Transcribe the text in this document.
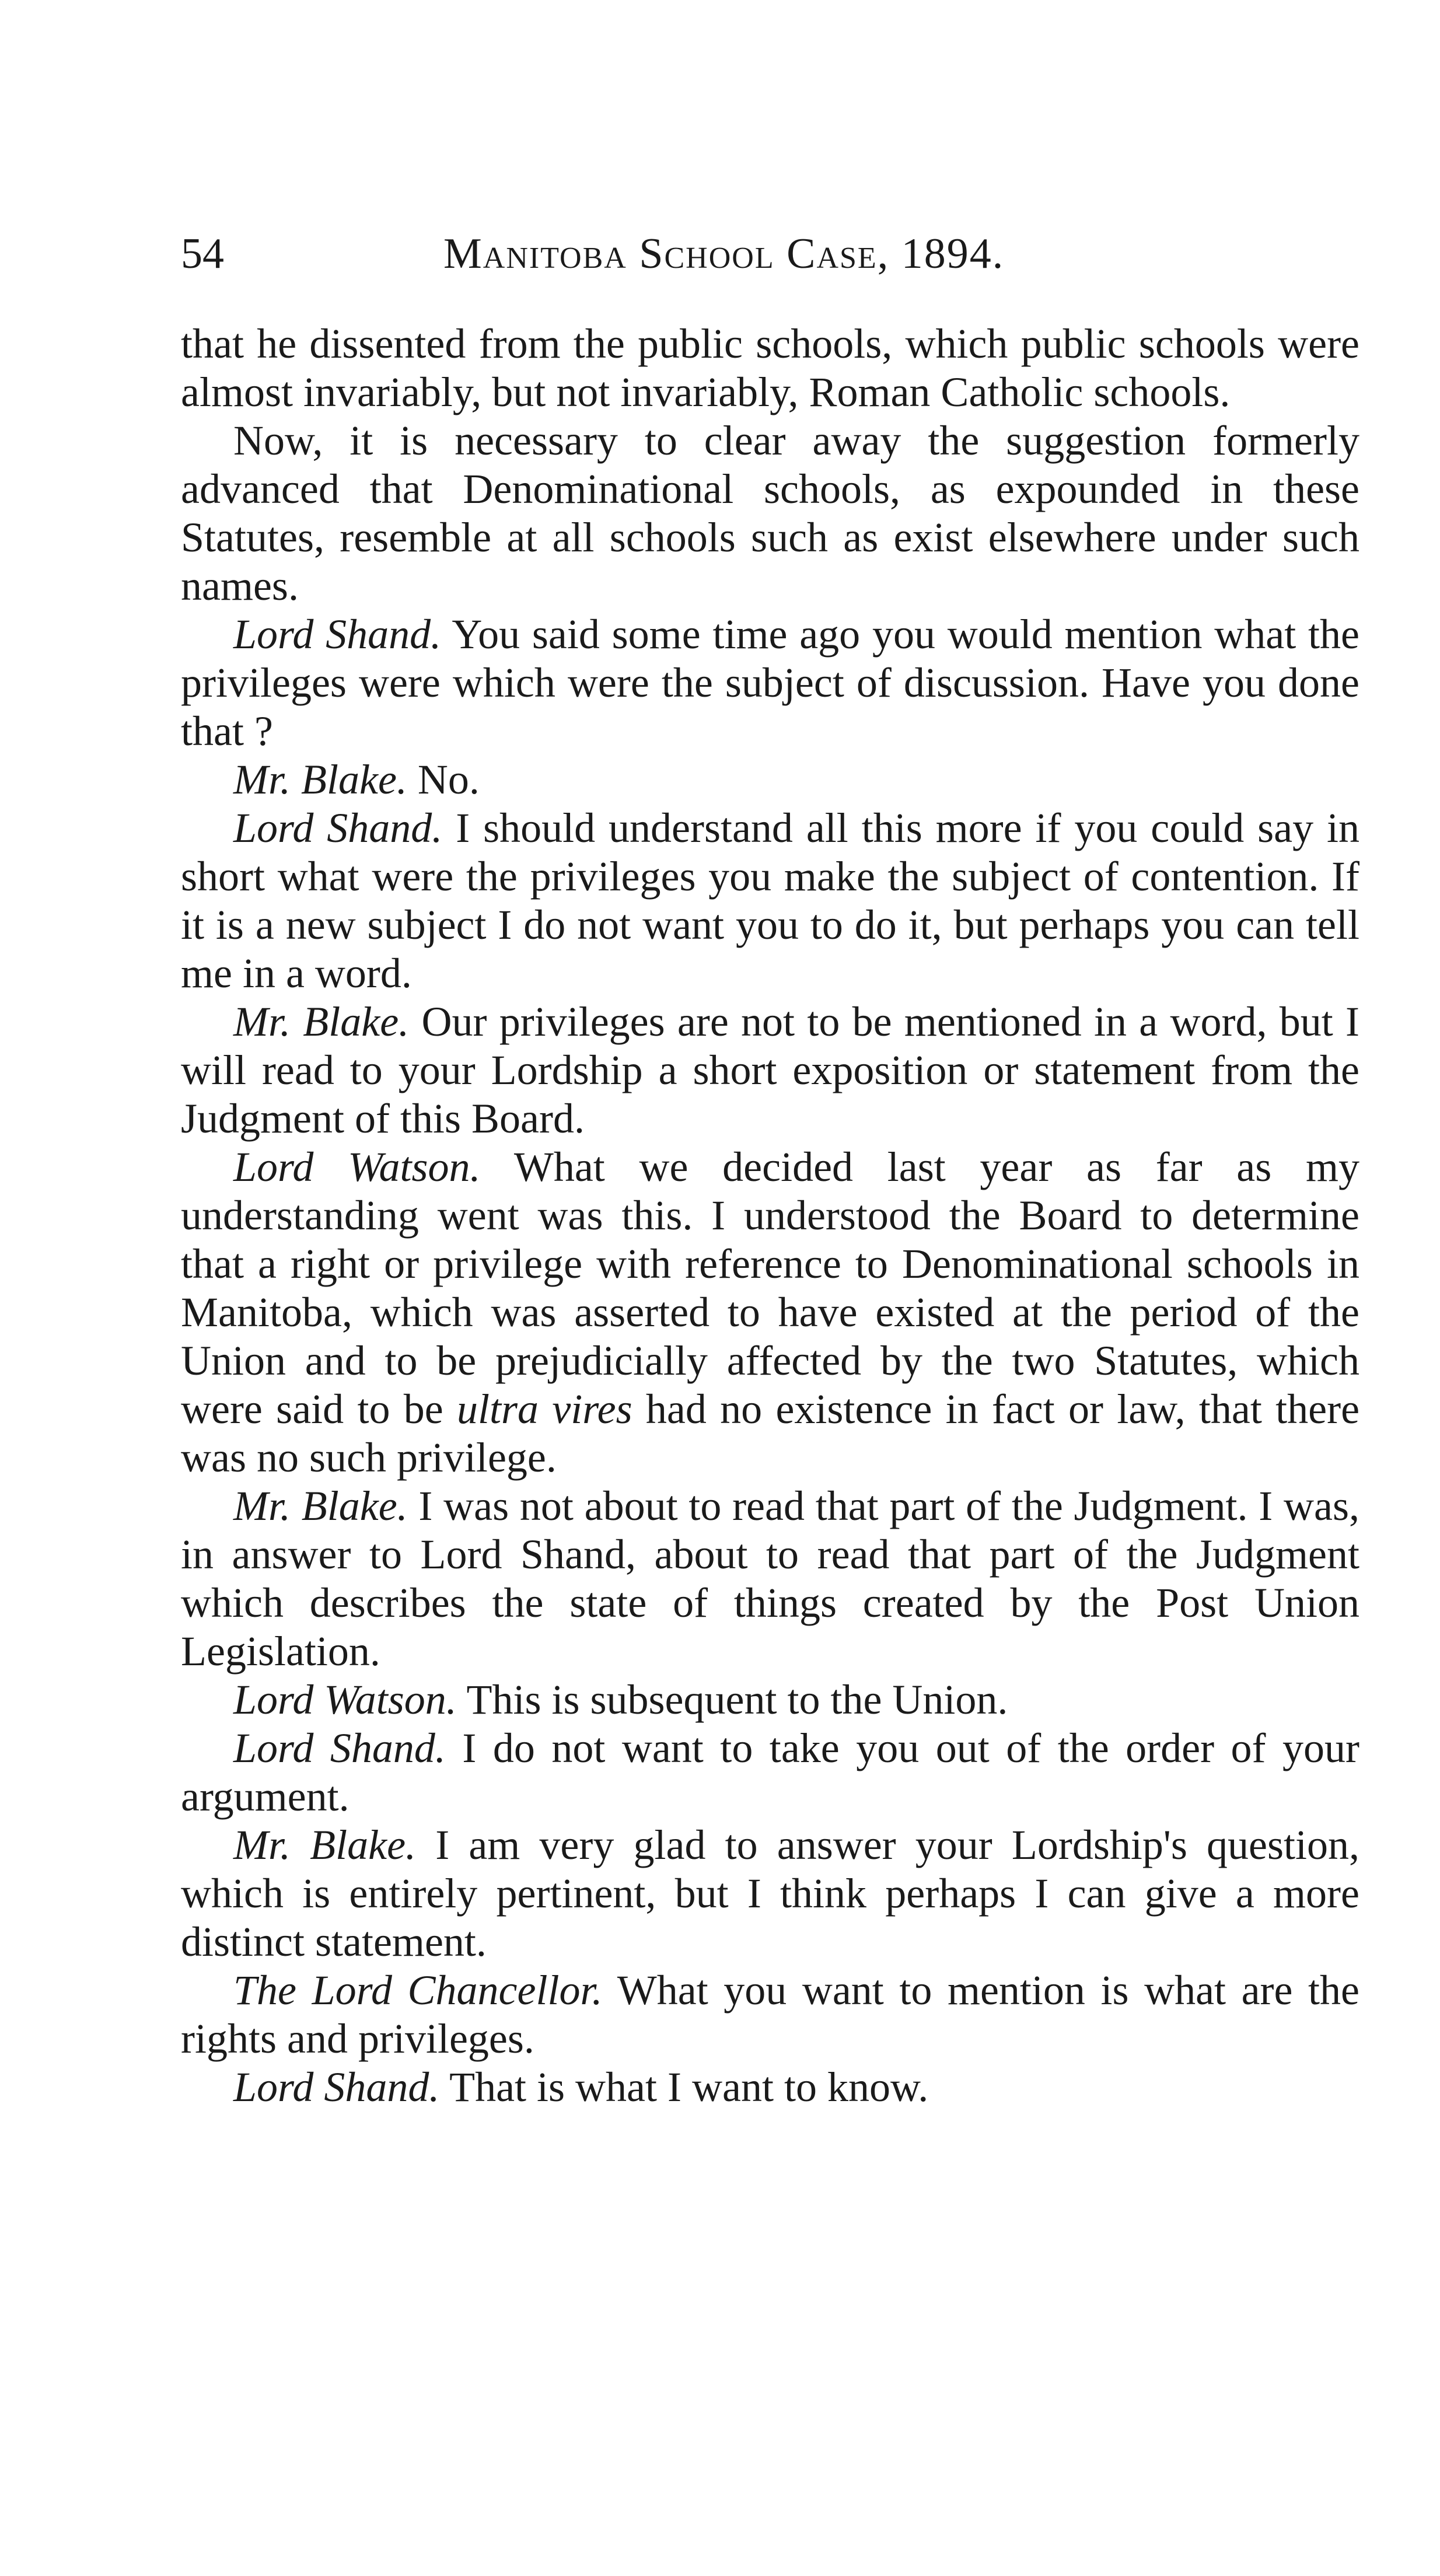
54	Manitoba School Case, 1894.

that he dissented from the public schools, which public schools were almost invariably, but not invariably, Roman Catholic schools.

Now, it is necessary to clear away the suggestion formerly advanced that Denominational schools, as expounded in these Statutes, resemble at all schools such as exist elsewhere under such names.

Lord Shand. You said some time ago you would mention what the privileges were which were the subject of discussion. Have you done that ?

Mr. Blake. No.

Lord Shand. I should understand all this more if you could say in short what were the privileges you make the subject of contention. If it is a new subject I do not want you to do it, but perhaps you can tell me in a word.

Mr. Blake. Our privileges are not to be mentioned in a word, but I will read to your Lordship a short exposition or statement from the Judgment of this Board.

Lord Watson. What we decided last year as far as my understanding went was this. I understood the Board to determine that a right or privilege with reference to Denominational schools in Manitoba, which was asserted to have existed at the period of the Union and to be prejudicially affected by the two Statutes, which were said to be ultra vires had no existence in fact or law, that there was no such privilege.

Mr. Blake. I was not about to read that part of the Judgment. I was, in answer to Lord Shand, about to read that part of the Judgment which describes the state of things created by the Post Union Legislation.

Lord Watson. This is subsequent to the Union.

Lord Shand. I do not want to take you out of the order of your argument.

Mr. Blake. I am very glad to answer your Lordship's question, which is entirely pertinent, but I think perhaps I can give a more distinct statement.

The Lord Chancellor. What you want to mention is what are the rights and privileges.

Lord Shand. That is what I want to know.
